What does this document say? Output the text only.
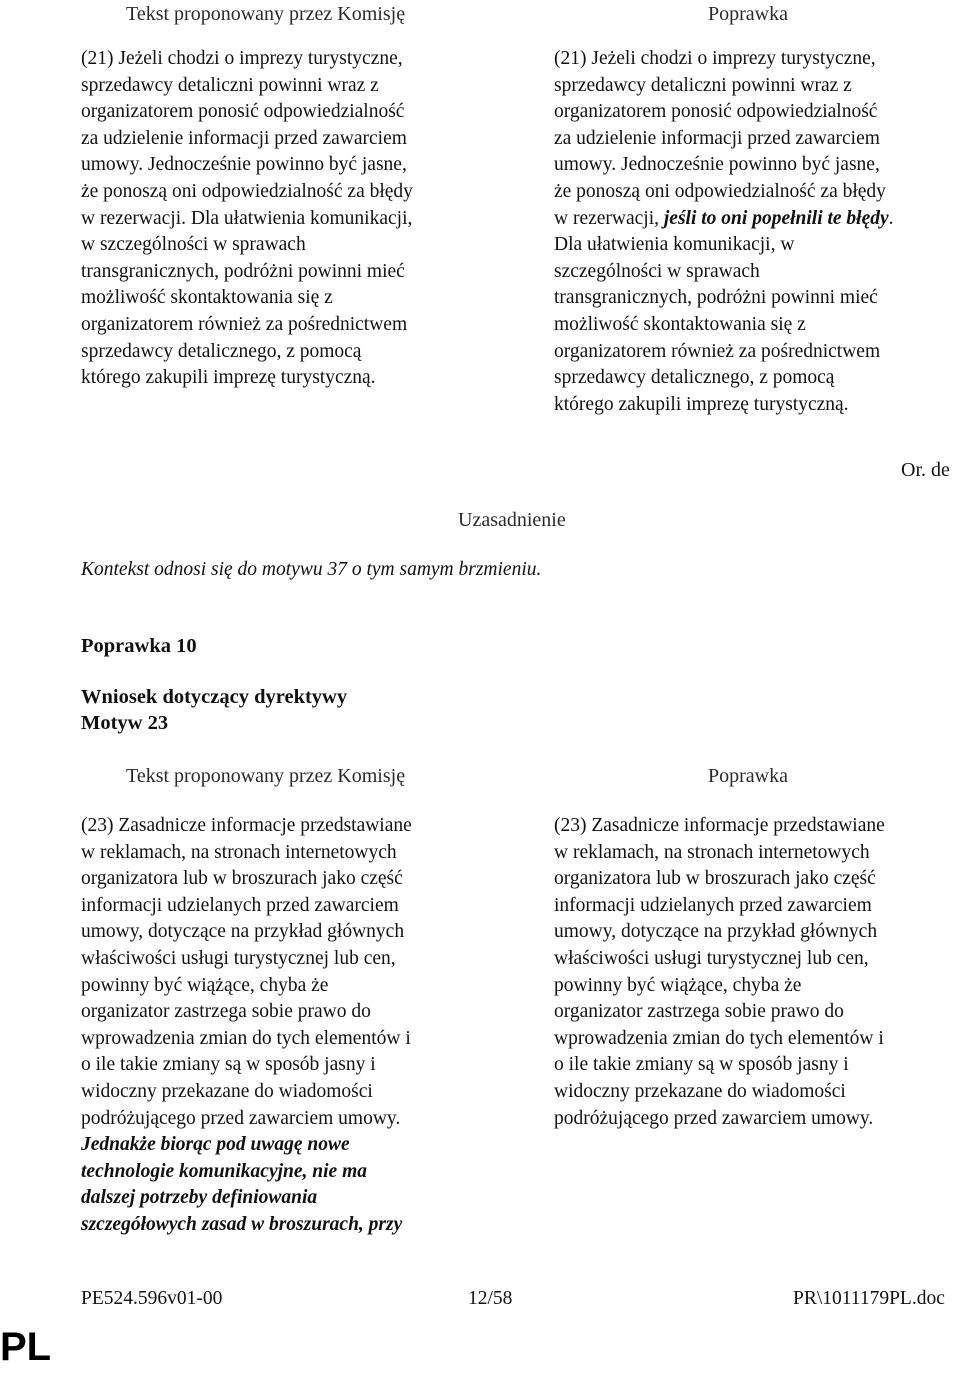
Tekst proponowany przez Komisję	Poprawka
(21) Jeżeli chodzi o imprezy turystyczne,
sprzedawcy detaliczni powinni wraz z
organizatorem ponosić odpowiedzialność
za udzielenie informacji przed zawarciem
umowy. Jednocześnie powinno być jasne,
że ponoszą oni odpowiedzialność za błędy
w rezerwacji. Dla ułatwienia komunikacji,
w szczególności w sprawach
transgranicznych, podróżni powinni mieć
możliwość skontaktowania się z
organizatorem również za pośrednictwem
sprzedawcy detalicznego, z pomocą
którego zakupili imprezę turystyczną.
(21) Jeżeli chodzi o imprezy turystyczne,
sprzedawcy detaliczni powinni wraz z
organizatorem ponosić odpowiedzialność
za udzielenie informacji przed zawarciem
umowy. Jednocześnie powinno być jasne,
że ponoszą oni odpowiedzialność za błędy
w rezerwacji, jeśli to oni popełnili te błędy.
Dla ułatwienia komunikacji, w
szczególności w sprawach
transgranicznych, podróżni powinni mieć
możliwość skontaktowania się z
organizatorem również za pośrednictwem
sprzedawcy detalicznego, z pomocą
którego zakupili imprezę turystyczną.
Or. de
Uzasadnienie
Kontekst odnosi się do motywu 37 o tym samym brzmieniu.
Poprawka 10
Wniosek dotyczący dyrektywy
Motyw 23
Tekst proponowany przez Komisję	Poprawka
(23) Zasadnicze informacje przedstawiane
w reklamach, na stronach internetowych
organizatora lub w broszurach jako część
informacji udzielanych przed zawarciem
umowy, dotyczące na przykład głównych
właściwości usługi turystycznej lub cen,
powinny być wiążące, chyba że
organizator zastrzega sobie prawo do
wprowadzenia zmian do tych elementów i
o ile takie zmiany są w sposób jasny i
widoczny przekazane do wiadomości
podróżującego przed zawarciem umowy.
Jednakże biorąc pod uwagę nowe
technologie komunikacyjne, nie ma
dalszej potrzeby definiowania
szczegółowych zasad w broszurach, przy
(23) Zasadnicze informacje przedstawiane
w reklamach, na stronach internetowych
organizatora lub w broszurach jako część
informacji udzielanych przed zawarciem
umowy, dotyczące na przykład głównych
właściwości usługi turystycznej lub cen,
powinny być wiążące, chyba że
organizator zastrzega sobie prawo do
wprowadzenia zmian do tych elementów i
o ile takie zmiany są w sposób jasny i
widoczny przekazane do wiadomości
podróżującego przed zawarciem umowy.
PE524.596v01-00	12/58	PR\1011179PL.doc
PL
